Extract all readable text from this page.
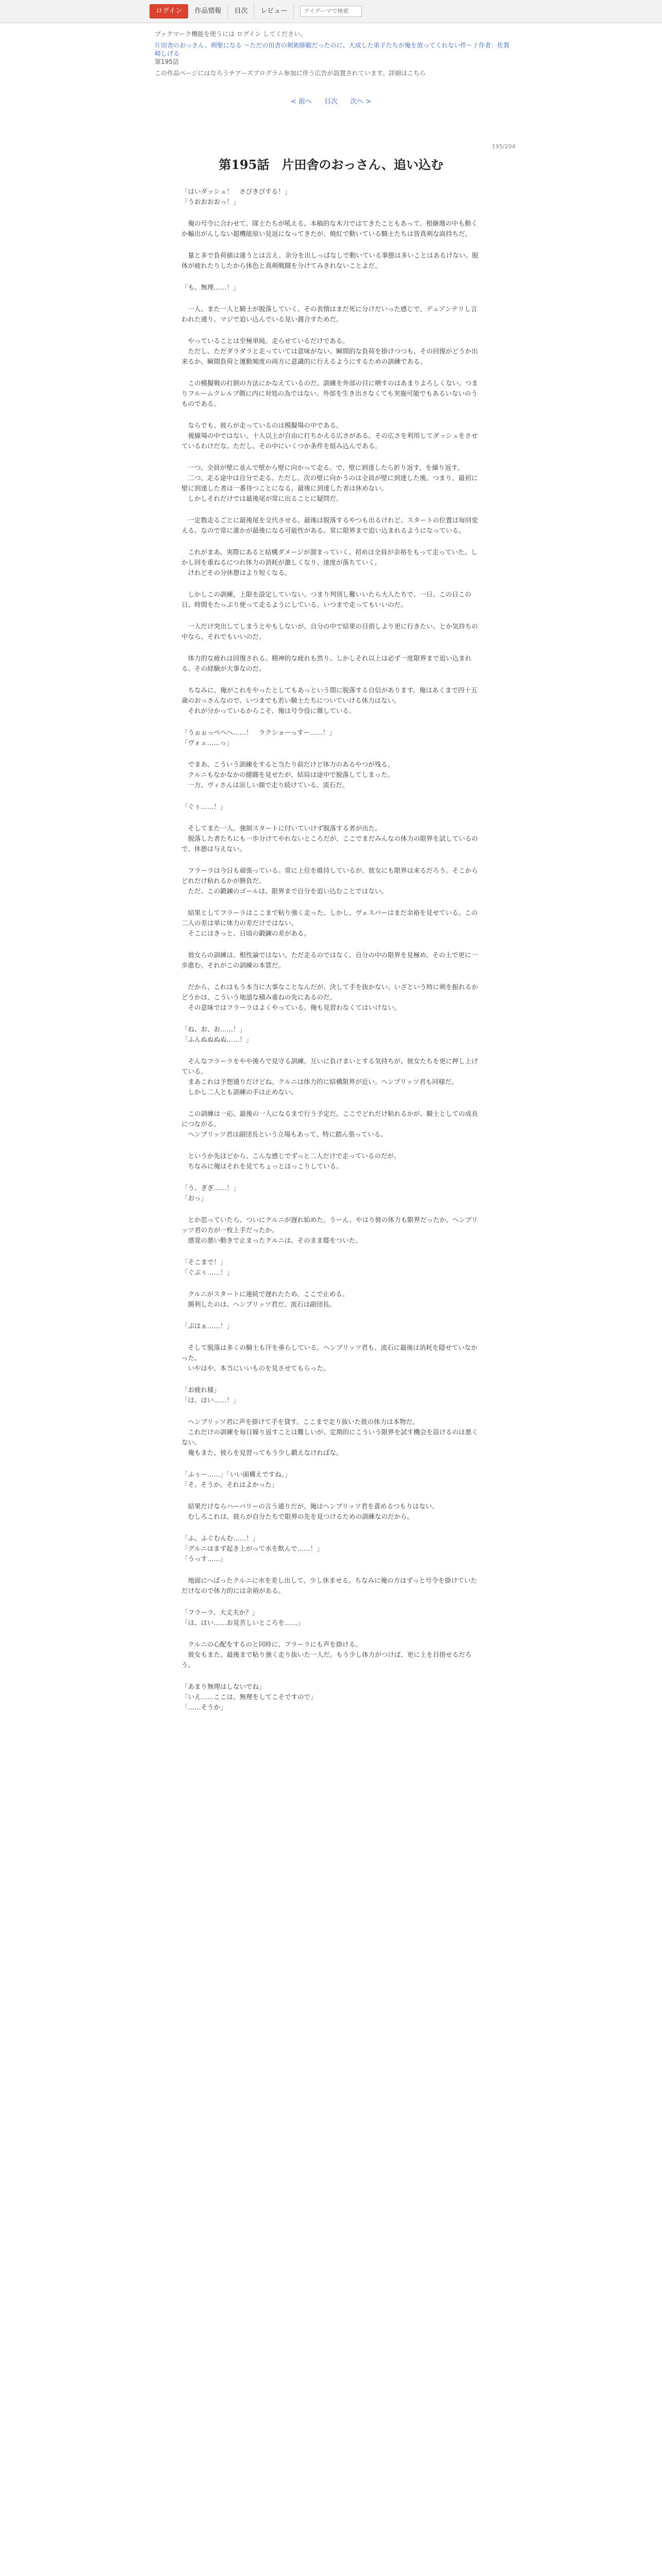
ログイン	作品情報	目次	レビュー
アイデーマで検索
ブックマーク機能を使うには ログイン してください。
片田舎のおっさん、剣聖になる ～ただの田舎の剣術師範だったのに、大成した弟子たちが俺を放ってくれない件～ / 作者：佐賀崎しげる
第195話
この作品ページにはなろうチアーズプログラム参加に伴う広告が設置されています。詳細はこちら
< 前へ 目次 次へ >
195/204
第195話　片田舎のおっさん、追い込む

「はいダッシュ！　さびきびする！」
「うおおおおっ！」

　俺の号令に合わせて、隊士たちが吼える。本稿的な木刀ではてきたこともあって、根継壇の中も動くか輸出がんしない超機能原い見返になってきたが、焼紅で動いている騎士たちは皆真剣な面持ちだ。

　量と多で負荷値は違うとは言え、余分を出しっぱなしで動いている事態は多いことはあるけない。脱体が疲れたりしたから体色と真剣戦闘を分けてみきれないことよだ。

「も、無理……！」

　一人、また一人と騎士が脱落していく。その表情はまだ死に分けだいった感じで、デュアンテリし言われた通り、マジで追い込んでいる見い週合すためだ。

　やっていることは至極単純。走らせているだけである。
　ただし、ただダラダラと走っていては意味がない。瞬間的な負荷を掛けつつも、その回復がどうか出来るか、瞬間負荷と運動頻度の両方に意識的に行えるようにするための訓練である。

　この模擬戦の打倒の方法にかなえているのだ。訓練を外部の目に晒すのはあまりよろしくない。つまりフルームクレルブ側に内に対処の為ではない。外部を生き出さなくても実施可能でもあるいないのうものである。

　ならでも、彼らが走っているのは模擬場の中である。
　視線場の中ではない。十人以上が自由に打ちかえる広さがある。その広さを利用してダッシュをさせているわけだな。ただし、その中にいくつか条件を組み込んである。

　一つ、全員が壁に並んで壁から壁に向かって走る。で、壁に到達したら折り返す、を繰り返す。
　二つ、走る途中は自分で走る。ただし、次の壁に向かうのは全員が壁に到達した後。つまり、最初に壁に到達した者は一番待つことになる。最後に到達した者は休めない。
　しかしそれだけでは最後尾が常に出ることに疑問だ。

　一定数走るごとに最後尾を交代させる。最後は脱落するやつも出るけれど、スタートの位置は毎回変える。なので常に誰かが最後になる可能性がある。常に限界まで追い込まれるようになっている。

　これがまあ、実際にあると結構ダメージが溜まっていく。初めは全員が余裕をもって走っていた。しかし回を重ねるにつれ体力の消耗が激しくなり、速度が落ちていく。
　けれどその分休憩はより短くなる。

　しかしこの訓練、上限を設定していない。つまり判別し難いいたら大人たちで、一日、この日この日、時間をたっぷり使って走るようにしている。いつまで走ってもいいのだ。

　一人だけ突出してしまうとやもしないが、自分の中で結果の目指しより更に行きたい、とか気持ちの中なら、それでもいいのだ。

　体力的な疲れは回復される。精神的な疲れも然り。しかしそれ以上は必ず一度限界まで追い込まれる。その経験が大事なのだ。

　ちなみに、俺がこれをやったとしてもあっという間に脱落する自信があります。俺はあくまで四十五歳のおっさんなので、いつまでも若い騎士たちについていける体力はない。
　それが分かっているからこそ、俺は号令役に徹している。

「うぉぉっぺへへ……！　ラクショーっすー……！」
「ヴォェ……っ」

　でまあ、こういう訓練をすると当たり前だけど体力のあるやつが残る。
　クルニもなかなかの健闘を見せたが、結局は途中で脱落してしまった。
　一方、ヴィさんは涼しい顔で走り続けている。流石だ。

「ぐぅ……！」

　そしてまた一人、強制スタートに付いていけず脱落する者が出た。
　脱落した者たちにも一歩分けてやれないところだが、ここでまだみんなの体力の限界を試しているので、休憩は与えない。

　フラーラは今日も頑張っている。常に上位を維持しているが、彼女にも限界は来るだろう。そこからどれだけ粘れるかが勝負だ。
　ただ、この鍛錬のゴールは、限界まで自分を追い込むことではない。

　結果としてフラーラはここまで粘り強く走った。しかし、ヴェスパーはまだ余裕を見せている。この二人の差は単に体力の差だけではない。
　そこにはきっと、日頃の鍛錬の差がある。

　彼女らの訓練は、根性論ではない。ただ走るのではなく、自分の中の限界を見極め、その上で更に一歩進む。それがこの訓練の本質だ。

　だから、これはもう本当に大事なことなんだが、決して手を抜かない。いざという時に剣を振れるかどうかは、こういう地道な積み重ねの先にあるのだ。
　その意味ではフラーラはよくやっている。俺も見習わなくてはいけない。

「ね、お、お……！」
「ふんぬぬぬぬ……！」

　そんなフラーラをやや後ろで見守る訓練。互いに負けまいとする気持ちが、彼女たちを更に押し上げている。
　まあこれは予想通りだけどね。クルニは体力的に結構限界が近い。ヘンブリッツ君も同様だ。
　しかし二人とも訓練の手は止めない。

　この訓練は一応、最後の一人になるまで行う予定だ。ここでどれだけ粘れるかが、騎士としての成長につながる。
　ヘンブリッツ君は副団長という立場もあって、特に踏ん張っている。

　というか先ほどから、こんな感じでずっと二人だけで走っているのだが。
　ちなみに俺はそれを見てちょっとほっこりしている。

「う、ぎぎ……！」
「おっ」

　とか思っていたら、ついにクルニが遅れ始めた。うーん、やはり彼の体力も限界だったか。ヘンブリッツ君の方が一枚上手だったか。
　感覚の悪い動きで止まったクルニは、そのまま膝をついた。

「そこまで！」
「ぐぶぅ……！」

　クルニがスタートに連続で遅れたため、ここで止める。
　勝利したのは、ヘンブリッツ君だ。流石は副団長。

「ぶはぁ……！」

　そして脱落は多くの騎士も汗を垂らしている。ヘンブリッツ君も、流石に最後は消耗を隠せていなかった。
　いやはや、本当にいいものを見させてもらった。

「お疲れ様」
「は、はい……！」

　ヘンブリッツ君に声を掛けて手を貸す。ここまで走り抜いた彼の体力は本物だ。
　これだけの訓練を毎日繰り返すことは難しいが、定期的にこういう限界を試す機会を設けるのは悪くない。
　俺もまた、彼らを見習ってもう少し鍛えなければな。

「ふぅー……」「いい面構えですね。」
「そ、そうか。それはよかった」

　結果だけならハーバリーの言う通りだが、俺はヘンブリッツ君を責めるつもりはない。
　むしろこれは、彼らが自分たちで限界の先を見つけるための訓練なのだから。

「ふ、ふぐむんむ……！」
「グルニはまず起き上がって水を飲んで……！」
「うっす……」

　地面にへばったクルニに水を差し出して、少し休ませる。ちなみに俺の方はずっと号令を掛けていただけなので体力的には余裕がある。

「フラーラ、大丈夫か？」
「は、はい……お見苦しいところを……」

　クルニの心配をするのと同時に、フラーラにも声を掛ける。
　彼女もまた、最後まで粘り強く走り抜いた一人だ。もう少し体力がつけば、更に上を目指せるだろう。

「あまり無理はしないでね」
「いえ……ここは、無理をしてこそですので」
「……そうか」
